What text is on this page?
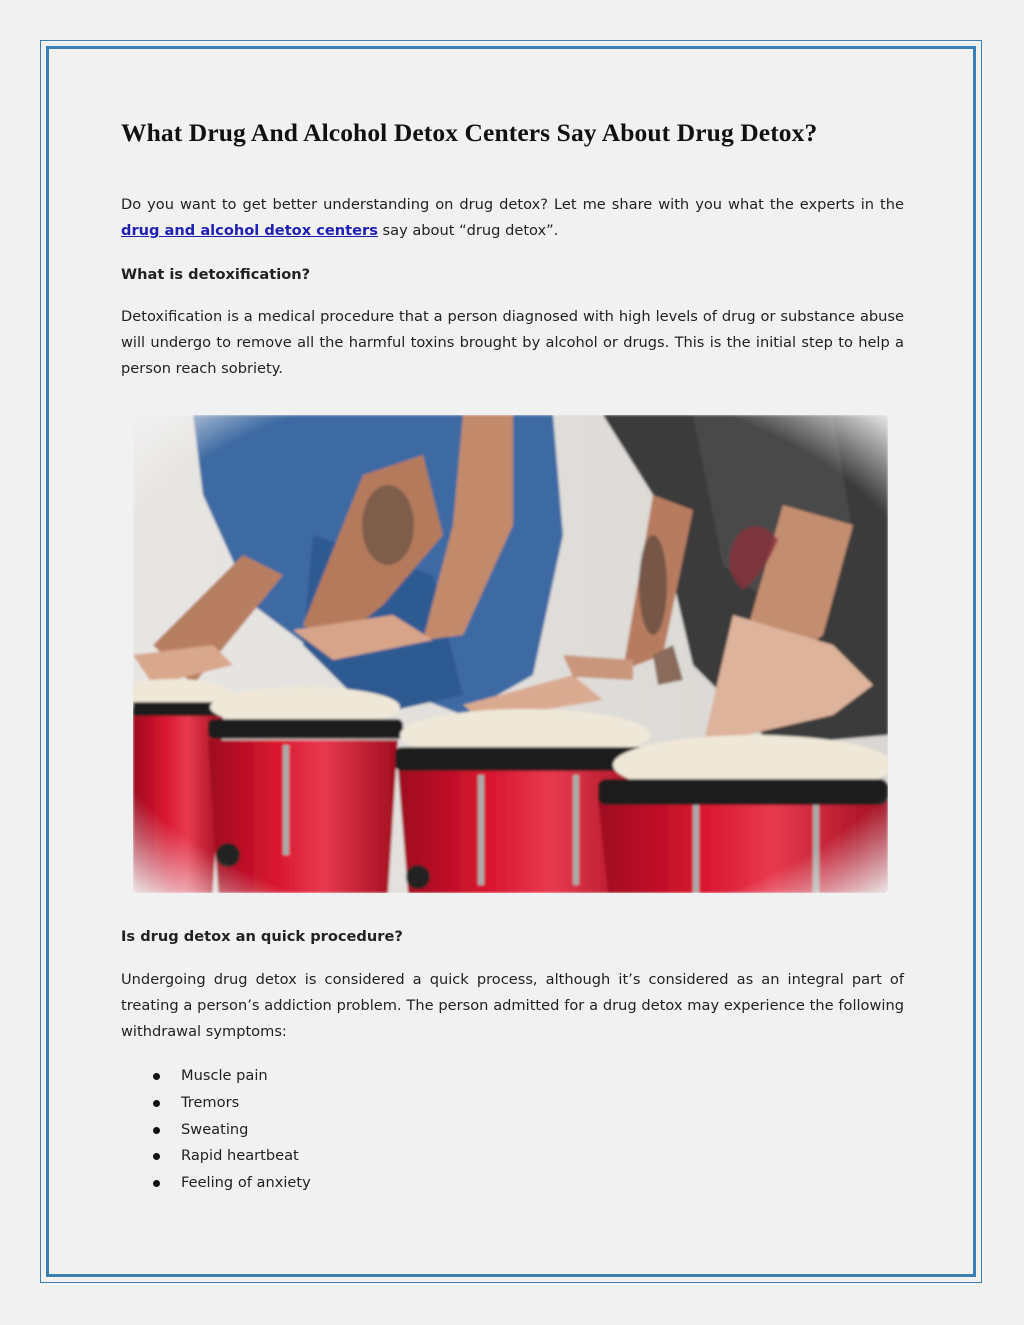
What Drug And Alcohol Detox Centers Say About Drug Detox?

Do you want to get better understanding on drug detox? Let me share with you what the experts in the drug and alcohol detox centers say about “drug detox”.

What is detoxification?

Detoxification is a medical procedure that a person diagnosed with high levels of drug or substance abuse will undergo to remove all the harmful toxins brought by alcohol or drugs. This is the initial step to help a person reach sobriety.

Is drug detox an quick procedure?

Undergoing drug detox is considered a quick process, although it’s considered as an integral part of treating a person’s addiction problem. The person admitted for a drug detox may experience the following withdrawal symptoms:

Muscle pain
Tremors
Sweating
Rapid heartbeat
Feeling of anxiety
